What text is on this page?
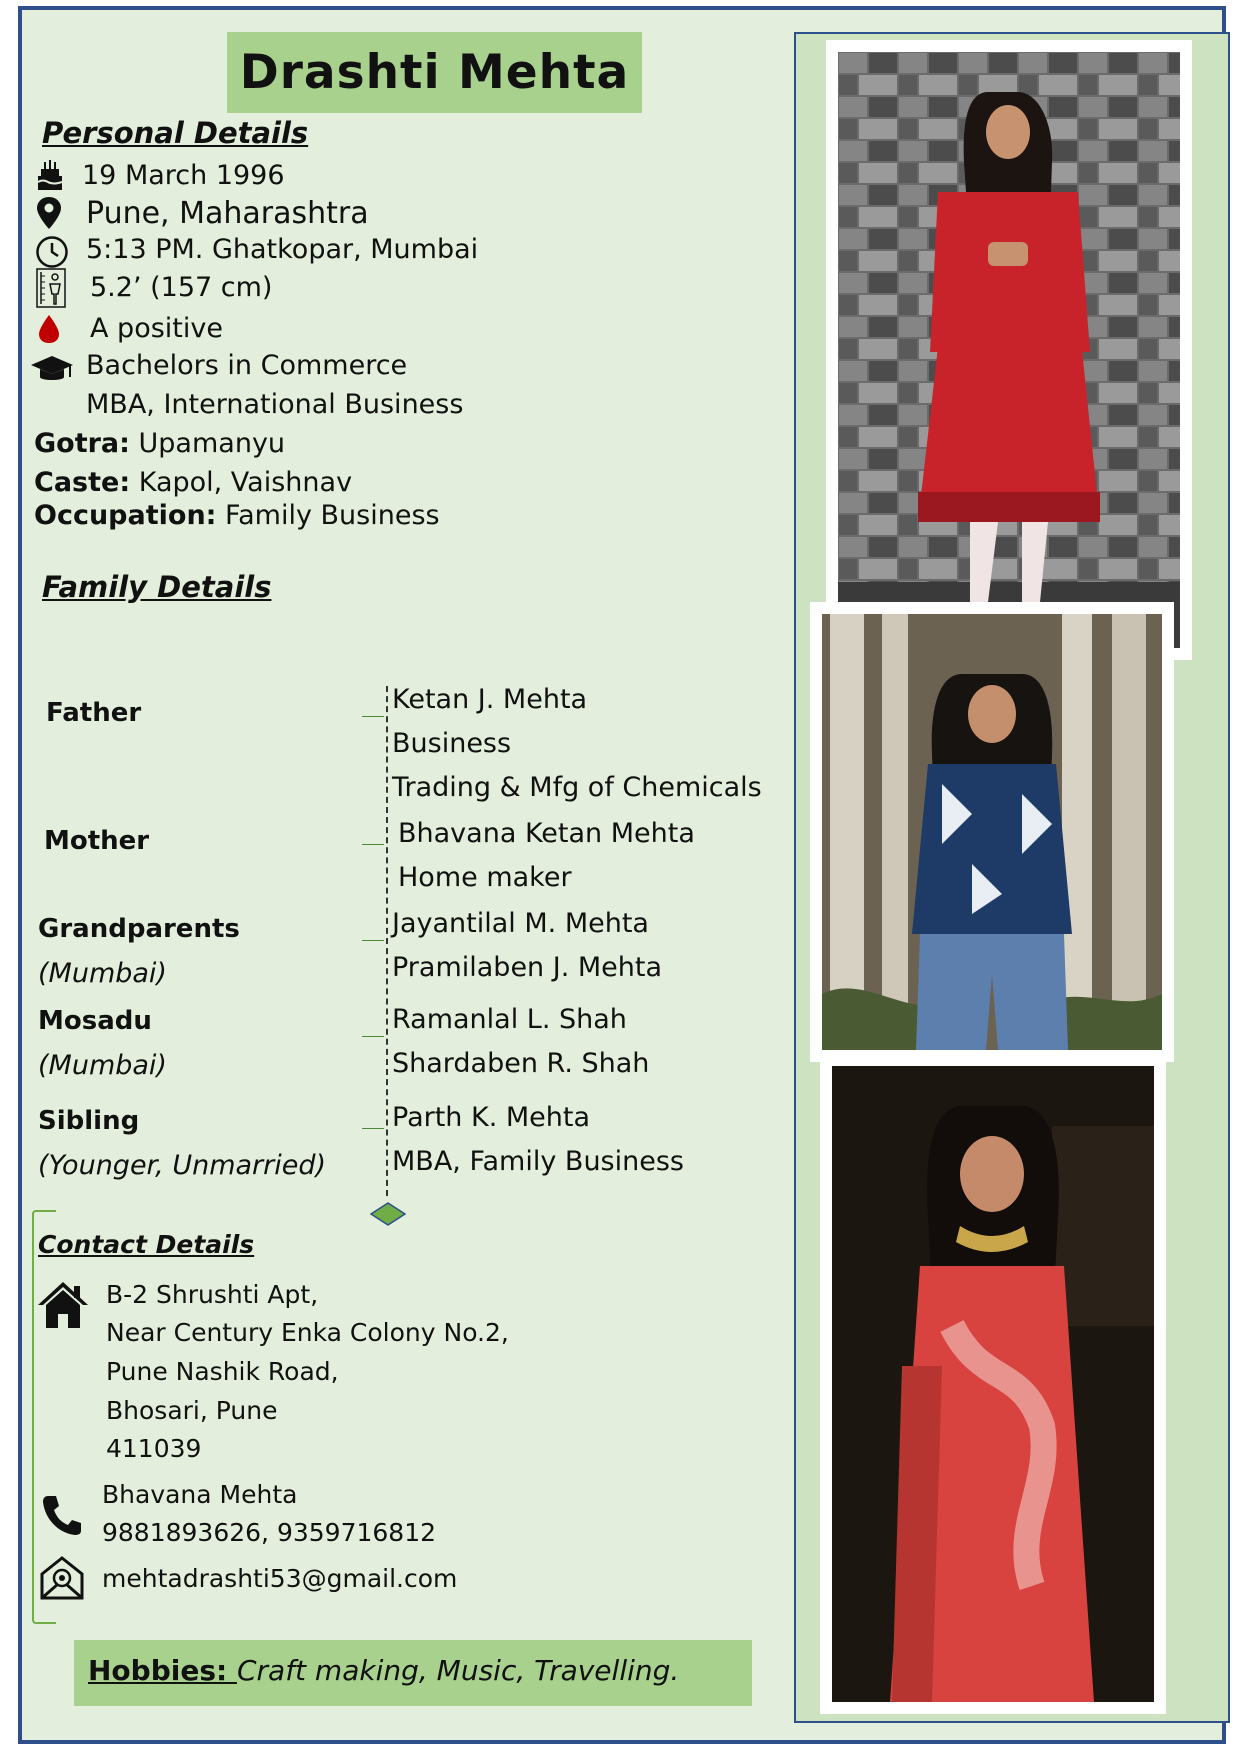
Drashti Mehta
Personal Details
19 March 1996
Pune, Maharashtra
5:13 PM. Ghatkopar, Mumbai
5.2’ (157 cm)
A positive
Bachelors in Commerce
MBA, International Business
Gotra: Upamanyu
Caste: Kapol, Vaishnav
Occupation: Family Business
Family Details
Father	Ketan J. Mehta
Business
Trading & Mfg of Chemicals
Mother	Bhavana Ketan Mehta
Home maker
Grandparents
(Mumbai)
Jayantilal M. Mehta
Pramilaben J. Mehta
Mosadu
(Mumbai)
Ramanlal L. Shah
Shardaben R. Shah
Sibling
(Younger, Unmarried)
Parth K. Mehta
MBA, Family Business
Contact Details
B-2 Shrushti Apt,
Near Century Enka Colony No.2,
Pune Nashik Road,
Bhosari, Pune
411039
Bhavana Mehta
9881893626, 9359716812
mehtadrashti53@gmail.com
Hobbies: Craft making, Music, Travelling.
